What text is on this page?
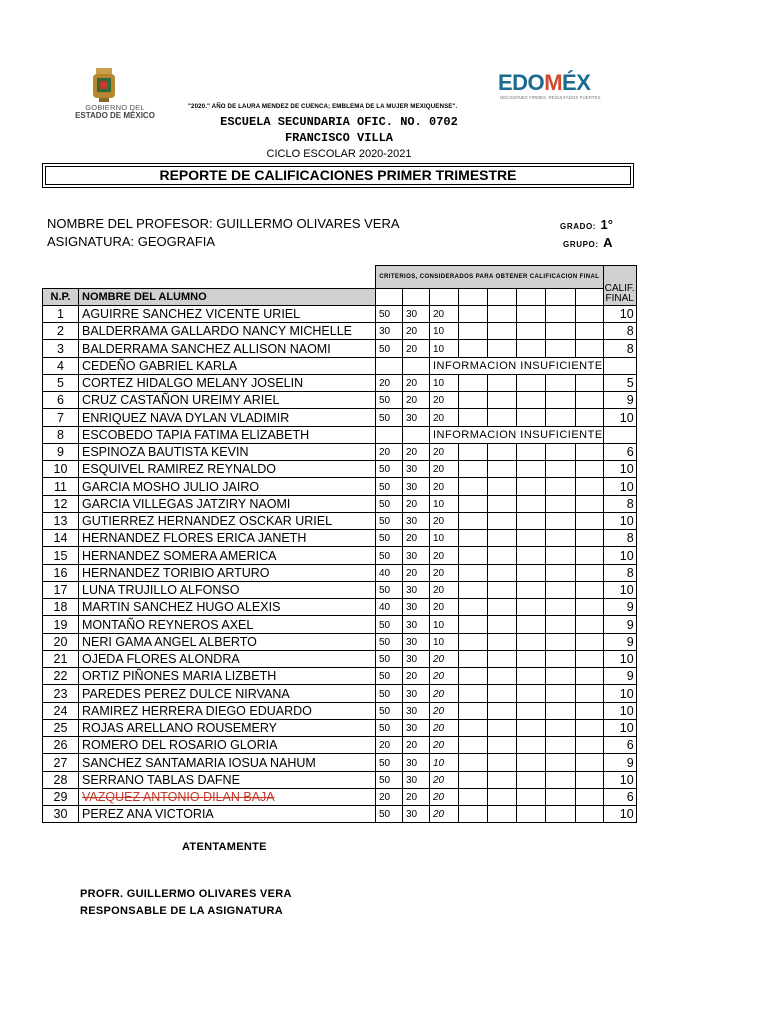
GOBIERNO DEL
ESTADO DE MÉXICO
EDOMÉX
DECISIONES FIRMES, RESULTADOS FUERTES
"2020." AÑO DE LAURA MENDEZ DE CUENCA; EMBLEMA DE LA MUJER MEXIQUENSE".
ESCUELA SECUNDARIA OFIC. NO. 0702
FRANCISCO VILLA
CICLO ESCOLAR 2020-2021
REPORTE DE CALIFICACIONES PRIMER TRIMESTRE
NOMBRE DEL PROFESOR: GUILLERMO OLIVARES VERA
ASIGNATURA: GEOGRAFIA
GRADO: 1°
GRUPO: A
		CRITERIOS, CONSIDERADOS PARA OBTENER CALIFICACION FINAL								CALIF. FINAL
N.P.	NOMBRE DEL ALUMNO									
1	AGUIRRE SANCHEZ VICENTE URIEL	50	30	20						10
2	BALDERRAMA GALLARDO NANCY MICHELLE	30	20	10						8
3	BALDERRAMA SANCHEZ ALLISON NAOMI	50	20	10						8
4	CEDEÑO GABRIEL KARLA			INFORMACION INSUFICIENTE						
5	CORTEZ HIDALGO MELANY JOSELIN	20	20	10						5
6	CRUZ CASTAÑON UREIMY ARIEL	50	20	20						9
7	ENRIQUEZ NAVA DYLAN VLADIMIR	50	30	20						10
8	ESCOBEDO TAPIA FATIMA ELIZABETH			INFORMACION INSUFICIENTE						
9	ESPINOZA BAUTISTA KEVIN	20	20	20						6
10	ESQUIVEL RAMIREZ REYNALDO	50	30	20						10
11	GARCIA MOSHO JULIO JAIRO	50	30	20						10
12	GARCIA VILLEGAS JATZIRY NAOMI	50	20	10						8
13	GUTIERREZ HERNANDEZ OSCKAR URIEL	50	30	20						10
14	HERNANDEZ FLORES ERICA JANETH	50	20	10						8
15	HERNANDEZ SOMERA AMERICA	50	30	20						10
16	HERNANDEZ TORIBIO ARTURO	40	20	20						8
17	LUNA TRUJILLO ALFONSO	50	30	20						10
18	MARTIN SANCHEZ HUGO ALEXIS	40	30	20						9
19	MONTAÑO REYNEROS AXEL	50	30	10						9
20	NERI GAMA ANGEL ALBERTO	50	30	10						9
21	OJEDA FLORES ALONDRA	50	30	20						10
22	ORTIZ PIÑONES MARIA LIZBETH	50	20	20						9
23	PAREDES PEREZ DULCE NIRVANA	50	30	20						10
24	RAMIREZ HERRERA DIEGO EDUARDO	50	30	20						10
25	ROJAS ARELLANO ROUSEMERY	50	30	20						10
26	ROMERO DEL ROSARIO GLORIA	20	20	20						6
27	SANCHEZ SANTAMARIA IOSUA NAHUM	50	30	10						9
28	SERRANO TABLAS DAFNE	50	30	20						10
29	VAZQUEZ ANTONIO DILAN BAJA	20	20	20						6
30	PEREZ ANA VICTORIA	50	30	20						10
ATENTAMENTE
PROFR. GUILLERMO OLIVARES VERA
RESPONSABLE DE LA ASIGNATURA
